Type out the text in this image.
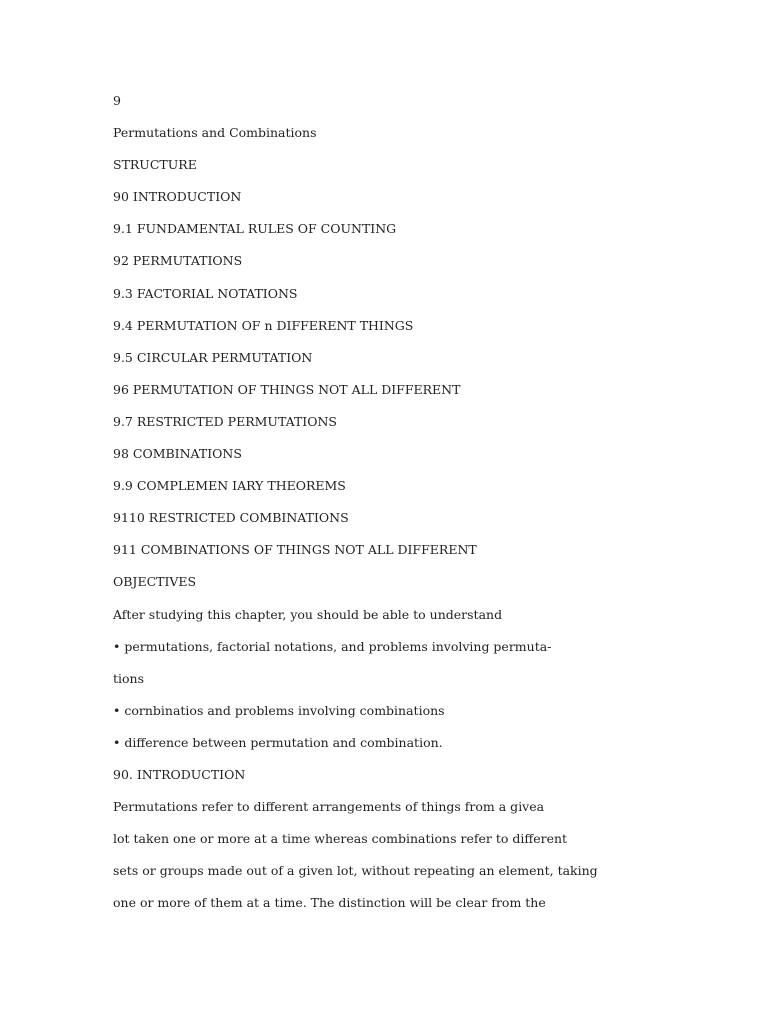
9
Permutations and Combinations
STRUCTURE
90 INTRODUCTION
9.1 FUNDAMENTAL RULES OF COUNTING
92 PERMUTATIONS
9.3 FACTORIAL NOTATIONS
9.4 PERMUTATION OF n DIFFERENT THINGS
9.5 CIRCULAR PERMUTATION
96 PERMUTATION OF THINGS NOT ALL DIFFERENT
9.7 RESTRICTED PERMUTATIONS
98 COMBINATIONS
9.9 COMPLEMEN IARY THEOREMS
9110 RESTRICTED COMBINATIONS
911 COMBINATIONS OF THINGS NOT ALL DIFFERENT
OBJECTIVES
After studying this chapter, you should be able to understand
• permutations, factorial notations, and problems involving permuta-
tions
• cornbinatios and problems involving combinations
• difference between permutation and combination.
90. INTRODUCTION
Permutations refer to different arrangements of things from a givea
lot taken one or more at a time whereas combinations refer to different
sets or groups made out of a given lot, without repeating an element, taking
one or more of them at a time. The distinction will be clear from the
